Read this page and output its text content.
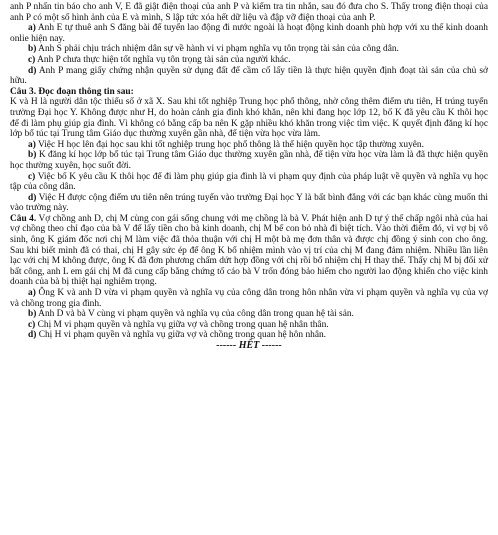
anh P nhấn tin báo cho anh V, E đã giật điện thoại của anh P và kiểm tra tin nhắn, sau đó đưa cho S. Thấy trong điện thoại của anh P có một số hình ảnh của E và mình, S lập tức xóa hết dữ liệu và đập vỡ điện thoại của anh P.

a) Anh E tự thuê anh S đăng bài để tuyển lao động đi nước ngoài là hoạt động kinh doanh phù hợp với xu thế kinh doanh onlie hiện nay.

b) Anh S phải chịu trách nhiệm dân sự về hành vi vi phạm nghĩa vụ tôn trọng tài sản của công dân.

c) Anh P chưa thực hiện tốt nghĩa vụ tôn trọng tài sản của người khác.

d) Anh P mang giấy chứng nhận quyền sử dụng đất để cầm cố lấy tiền là thực hiện quyền định đoạt tài sản của chủ sở hữu.

Câu 3. Đọc đoạn thông tin sau:

K và H là người dân tộc thiểu số ở xã X. Sau khi tốt nghiệp Trung học phổ thông, nhờ công thêm điểm ưu tiên, H trúng tuyển trường Đại học Y. Không được như H, do hoàn cảnh gia đình khó khăn, nên khi đang học lớp 12, bố K đã yêu cầu K thôi học để đi làm phụ giúp gia đình. Vì không có bằng cấp ba nên K gặp nhiều khó khăn trong việc tìm việc. K quyết định đăng kí học lớp bổ túc tại Trung tâm Giáo dục thường xuyên gần nhà, để tiện vừa học vừa làm.

a) Việc H học lên đại học sau khi tốt nghiệp trung học phổ thông là thể hiện quyền học tập thường xuyên.

b) K đăng kí học lớp bổ túc tại Trung tâm Giáo dục thường xuyên gần nhà, để tiện vừa học vừa làm là đã thực hiện quyền học thường xuyên, học suốt đời.

c) Việc bố K yêu cầu K thôi học để đi làm phụ giúp gia đình là vi phạm quy định của pháp luật về quyền và nghĩa vụ học tập của công dân.

d) Việc H được cộng điểm ưu tiên nên trúng tuyển vào trường Đại học Y là bất bình đẳng với các bạn khác cùng muốn thi vào trường này.

Câu 4. Vợ chồng anh D, chị M cùng con gái sống chung với mẹ chồng là bà V. Phát hiện anh D tự ý thế chấp ngôi nhà của hai vợ chồng theo chỉ đạo của bà V để lấy tiền cho bà kinh doanh, chị M bế con bỏ nhà đi biệt tích. Vào thời điểm đó, vì vợ bị vô sinh, ông K giám đốc nơi chị M làm việc đã thỏa thuận với chị H một bà mẹ đơn thân và được chị đồng ý sinh con cho ông. Sau khi biết mình đã có thai, chị H gây sức ép để ông K bổ nhiệm mình vào vị trí của chị M đang đảm nhiệm. Nhiều lần liên lạc với chị M không được, ông K đã đơn phương chấm dứt hợp đồng với chị rồi bổ nhiệm chị H thay thế. Thấy chị M bị đối xử bất công, anh L em gái chị M đã cung cấp bằng chứng tố cáo bà V trốn đóng bảo hiểm cho người lao động khiến cho việc kinh doanh của bà bị thiệt hại nghiêm trọng.

a) Ông K và anh D vừa vi phạm quyền và nghĩa vụ của công dân trong hôn nhân vừa vi phạm quyền và nghĩa vụ của vợ và chồng trong gia đình.

b) Anh D và bà V cùng vi phạm quyền và nghĩa vụ của công dân trong quan hệ tài sản.

c) Chị M vi phạm quyền và nghĩa vụ giữa vợ và chồng trong quan hệ nhân thân.

d) Chị H vi phạm quyền và nghĩa vụ giữa vợ và chồng trong quan hệ hôn nhân.

------ HẾT ------
